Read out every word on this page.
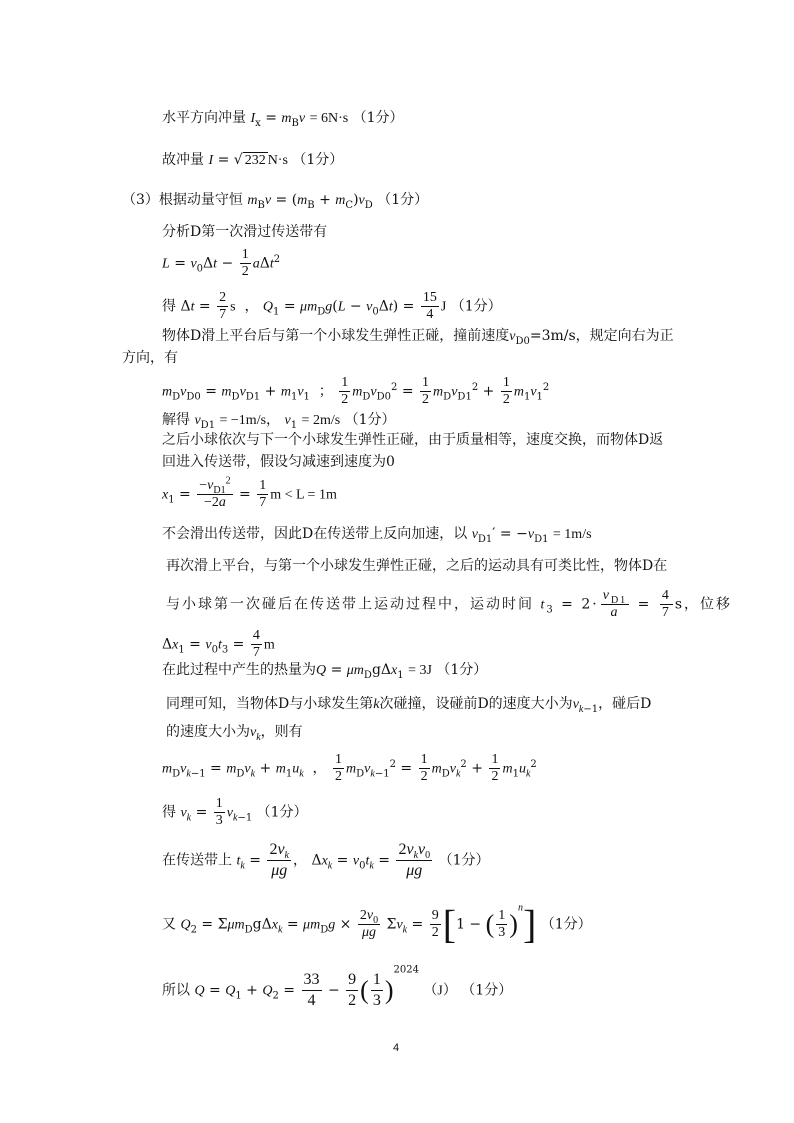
水平方向冲量 $I_x = m_Bv = 6N\cdot s$ （1分）
故冲量 I = √ 232 N·s （1分）
（3）根据动量守恒 $m_Bv = (m_B + m_C)v_D$ （1分）
分析D第一次滑过传送带有
$L = v_0\Delta t - \frac{1}{2} a\Delta t^2$
得 $\Delta t = \frac{2}{7}$ s  ， $Q_1 = \mu m_Dg(L - v_0\Delta t) = \frac{15}{4}$ J （1分）
物体D滑上平台后与第一个小球发生弹性正碰，撞前速度$v_{D0}=3m/s$，规定向右为正
方向，有
$m_Dv_{D0} = m_Dv_{D1} + m_1v_1$  ； $\frac{1}{2} m_Dv_{D0}^2 = \frac{1}{2} m_Dv_{D1}^2 + \frac{1}{2} m_1v_1^2$
解得 $v_{D1} = -1m/s$， $v_1 = 2m/s$ （1分）
之后小球依次与下一个小球发生弹性正碰，由于质量相等，速度交换，而物体D返
回进入传送带，假设匀减速到速度为0
$x_1 = \frac{-v_{D1}^2}{-2a} = \frac{1}{7}$ m < L = 1m
不会滑出传送带，因此D在传送带上反向加速，以 $v_{D1}' = -v_{D1} = 1m/s$
再次滑上平台，与第一个小球发生弹性正碰，之后的运动具有可类比性，物体D在
与小球第一次碰后在传送带上运动过程中，运动时间 $t_3 = 2\cdot \frac{v_{D1}}{a} = \frac{4}{7}$ s，位移
$\Delta x_1 = v_0t_3 = \frac{4}{7}$ m
在此过程中产生的热量为$Q = \mu m_Dg\Delta x_1 = 3J$ （1分）
同理可知，当物体D与小球发生第k次碰撞，设碰前D的速度大小为$v_{k-1}$，碰后D
的速度大小为$v_k$，则有
$m_Dv_{k-1} = m_Dv_k + m_1u_k$  ， $\frac{1}{2} m_Dv_{k-1}^2 = \frac{1}{2} m_Dv_k^2 + \frac{1}{2} m_1u_k^2$
得 $v_k = \frac{1}{3} v_{k-1}$ （1分）
在传送带上 $t_k = \frac{2v_k}{\mu g}$ ， $\Delta x_k = v_0t_k = \frac{2v_kv_0}{\mu g} (1$分）
又 $Q_2 = \Sigma\mu m_Dg\Delta x_k = \mu m_Dg \times \frac{2v_0}{\mu g} \Sigma v_k = \frac{9}{2} [1$ − ( $\frac{1}{3} )^n$] （1分）
所以 $Q = Q_1 + Q_2 = \frac{33}{4} - \frac{9}{2}$ ( $\frac{1}{3} )^{2024}$ （J） （1分）
4
